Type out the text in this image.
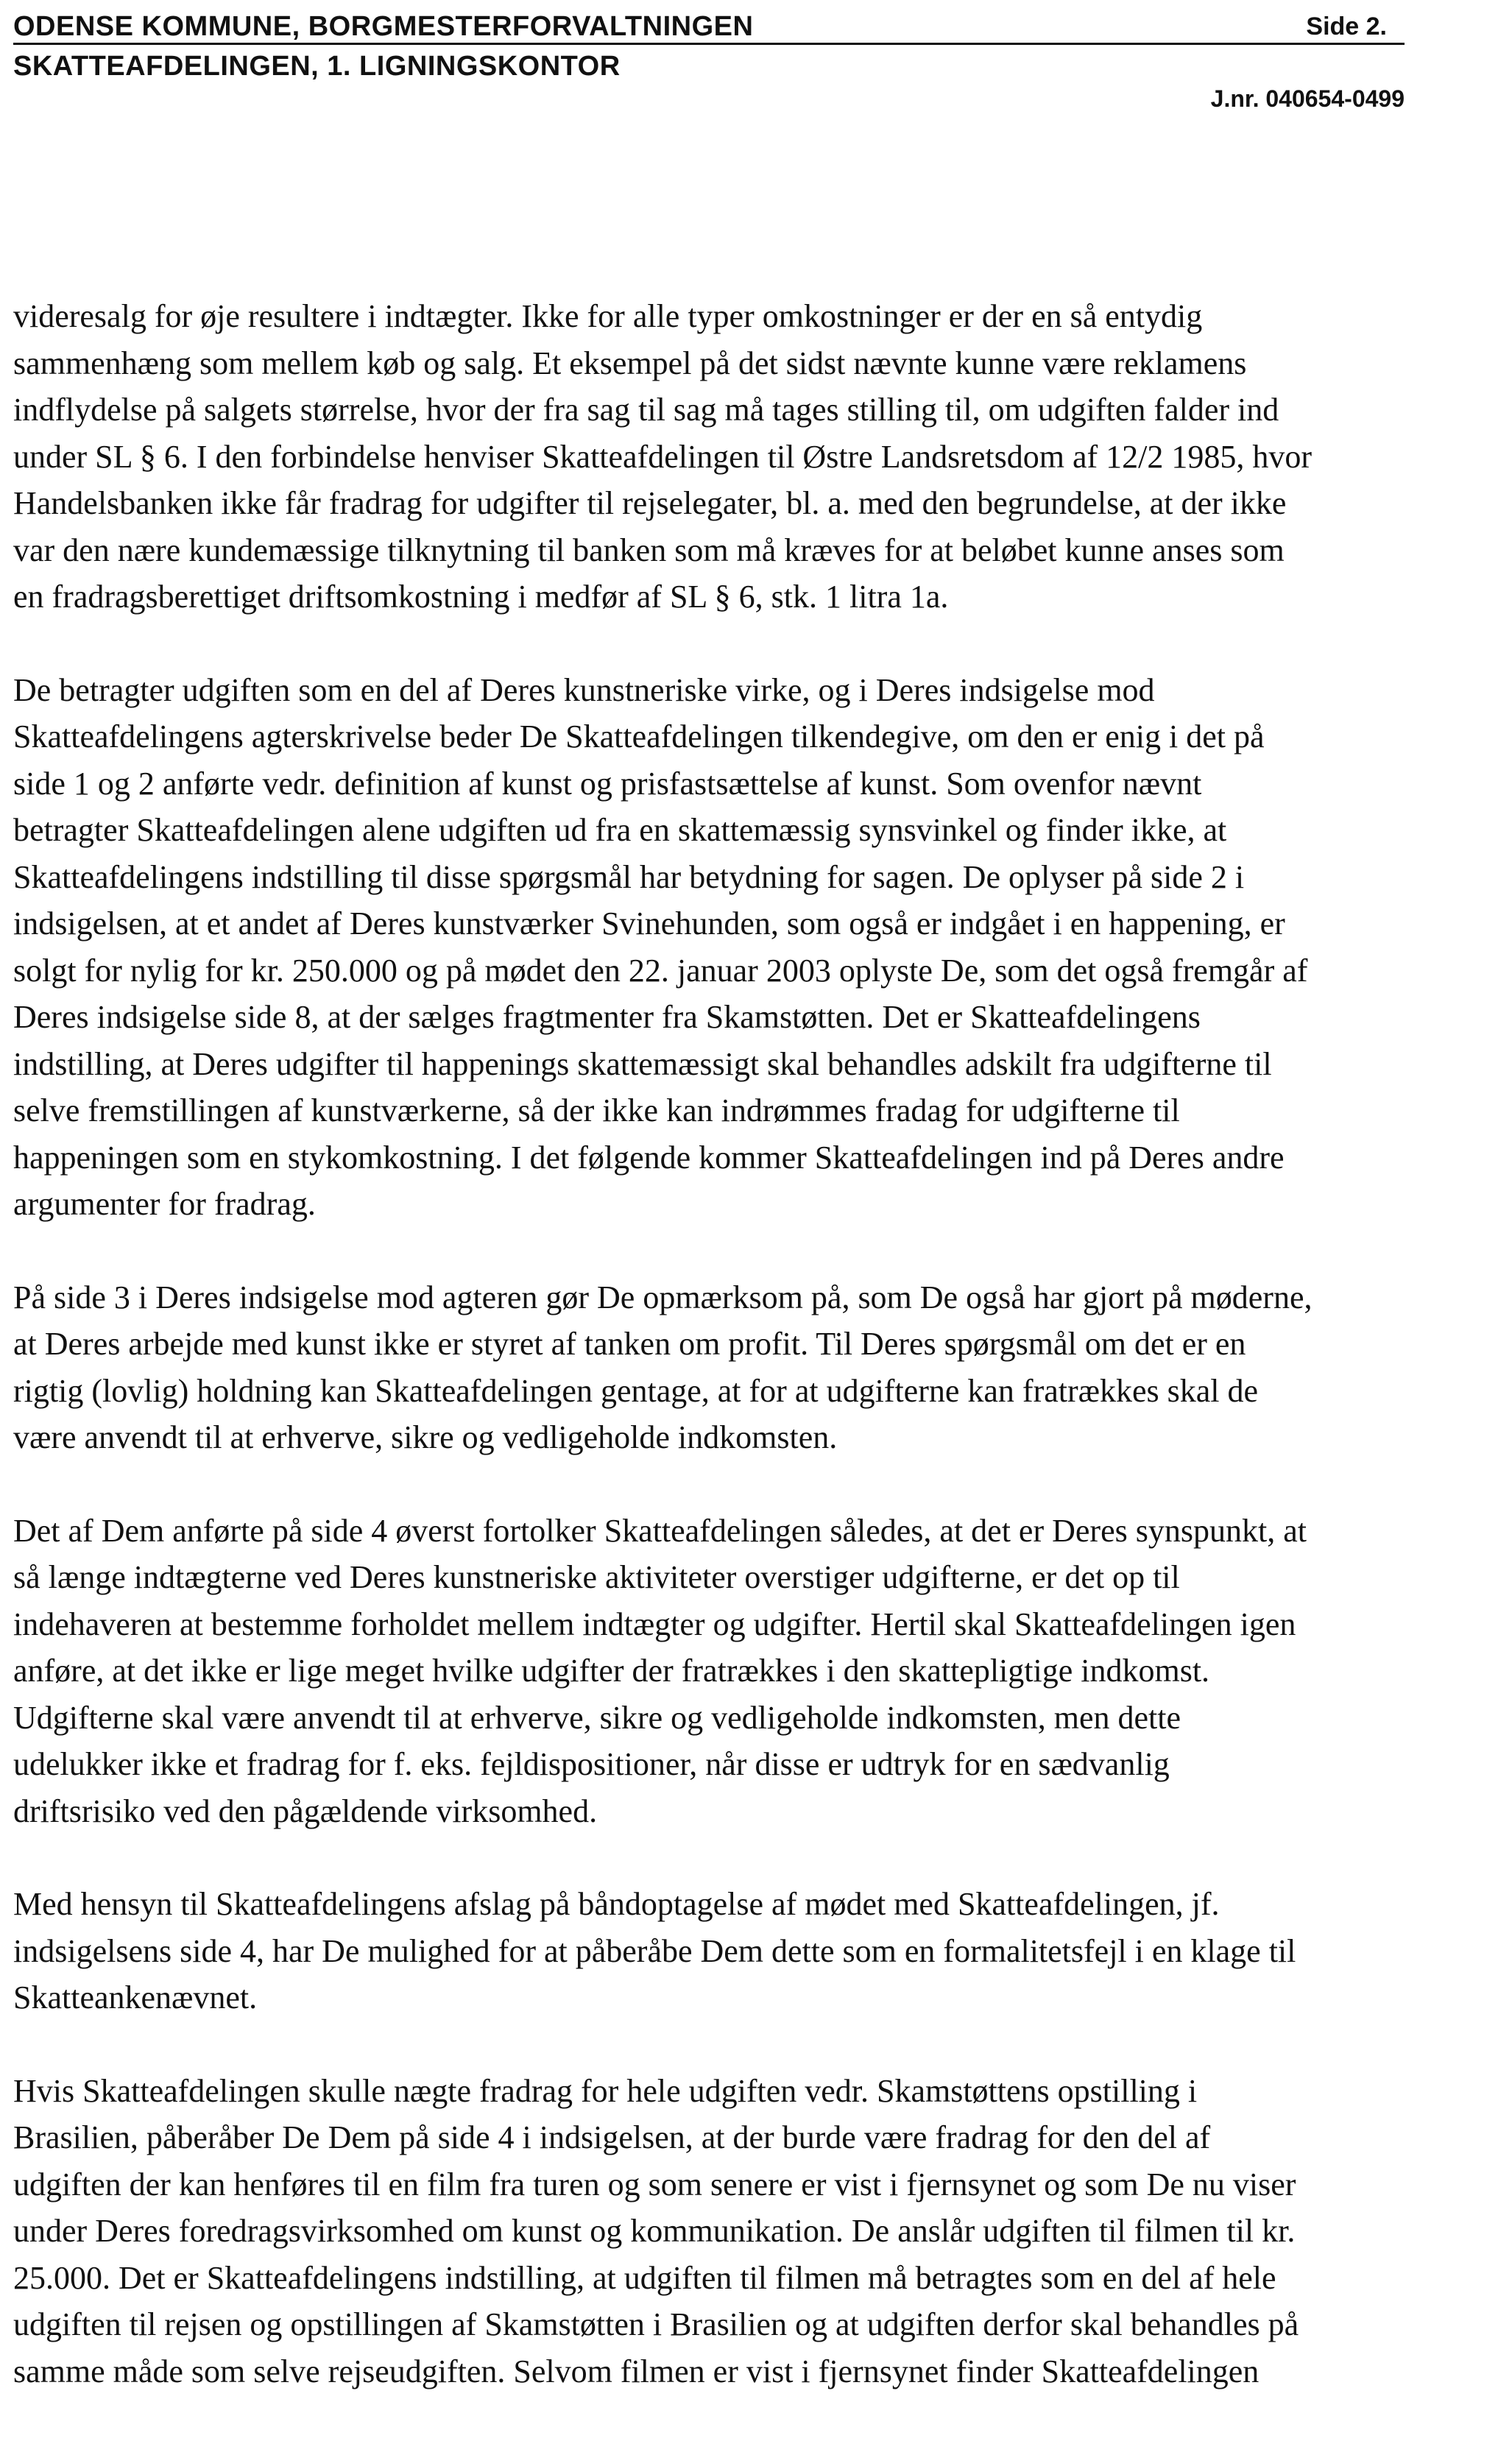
ODENSE KOMMUNE, BORGMESTERFORVALTNINGEN	Side 2.
SKATTEAFDELINGEN, 1. LIGNINGSKONTOR
J.nr. 040654-0499
videresalg for øje resultere i indtægter. Ikke for alle typer omkostninger er der en så entydig
sammenhæng som mellem køb og salg. Et eksempel på det sidst nævnte kunne være reklamens
indflydelse på salgets størrelse, hvor der fra sag til sag må tages stilling til, om udgiften falder ind
under SL § 6. I den forbindelse henviser Skatteafdelingen til Østre Landsretsdom af 12/2 1985, hvor
Handelsbanken ikke får fradrag for udgifter til rejselegater, bl. a. med den begrundelse, at der ikke
var den nære kundemæssige tilknytning til banken som må kræves for at beløbet kunne anses som
en fradragsberettiget driftsomkostning i medfør af SL § 6, stk. 1 litra 1a.
De betragter udgiften som en del af Deres kunstneriske virke, og i Deres indsigelse mod
Skatteafdelingens agterskrivelse beder De Skatteafdelingen tilkendegive, om den er enig i det på
side 1 og 2 anførte vedr. definition af kunst og prisfastsættelse af kunst. Som ovenfor nævnt
betragter Skatteafdelingen alene udgiften ud fra en skattemæssig synsvinkel og finder ikke, at
Skatteafdelingens indstilling til disse spørgsmål har betydning for sagen. De oplyser på side 2 i
indsigelsen, at et andet af Deres kunstværker Svinehunden, som også er indgået i en happening, er
solgt for nylig for kr. 250.000 og på mødet den 22. januar 2003 oplyste De, som det også fremgår af
Deres indsigelse side 8, at der sælges fragtmenter fra Skamstøtten. Det er Skatteafdelingens
indstilling, at Deres udgifter til happenings skattemæssigt skal behandles adskilt fra udgifterne til
selve fremstillingen af kunstværkerne, så der ikke kan indrømmes fradag for udgifterne til
happeningen som en stykomkostning. I det følgende kommer Skatteafdelingen ind på Deres andre
argumenter for fradrag.
På side 3 i Deres indsigelse mod agteren gør De opmærksom på, som De også har gjort på møderne,
at Deres arbejde med kunst ikke er styret af tanken om profit. Til Deres spørgsmål om det er en
rigtig (lovlig) holdning kan Skatteafdelingen gentage, at for at udgifterne kan fratrækkes skal de
være anvendt til at erhverve, sikre og vedligeholde indkomsten.
Det af Dem anførte på side 4 øverst fortolker Skatteafdelingen således, at det er Deres synspunkt, at
så længe indtægterne ved Deres kunstneriske aktiviteter overstiger udgifterne, er det op til
indehaveren at bestemme forholdet mellem indtægter og udgifter. Hertil skal Skatteafdelingen igen
anføre, at det ikke er lige meget hvilke udgifter der fratrækkes i den skattepligtige indkomst.
Udgifterne skal være anvendt til at erhverve, sikre og vedligeholde indkomsten, men dette
udelukker ikke et fradrag for f. eks. fejldispositioner, når disse er udtryk for en sædvanlig
driftsrisiko ved den pågældende virksomhed.
Med hensyn til Skatteafdelingens afslag på båndoptagelse af mødet med Skatteafdelingen, jf.
indsigelsens side 4, har De mulighed for at påberåbe Dem dette som en formalitetsfejl i en klage til
Skatteankenævnet.
Hvis Skatteafdelingen skulle nægte fradrag for hele udgiften vedr. Skamstøttens opstilling i
Brasilien, påberåber De Dem på side 4 i indsigelsen, at der burde være fradrag for den del af
udgiften der kan henføres til en film fra turen og som senere er vist i fjernsynet og som De nu viser
under Deres foredragsvirksomhed om kunst og kommunikation. De anslår udgiften til filmen til kr.
25.000. Det er Skatteafdelingens indstilling, at udgiften til filmen må betragtes som en del af hele
udgiften til rejsen og opstillingen af Skamstøtten i Brasilien og at udgiften derfor skal behandles på
samme måde som selve rejseudgiften. Selvom filmen er vist i fjernsynet finder Skatteafdelingen
